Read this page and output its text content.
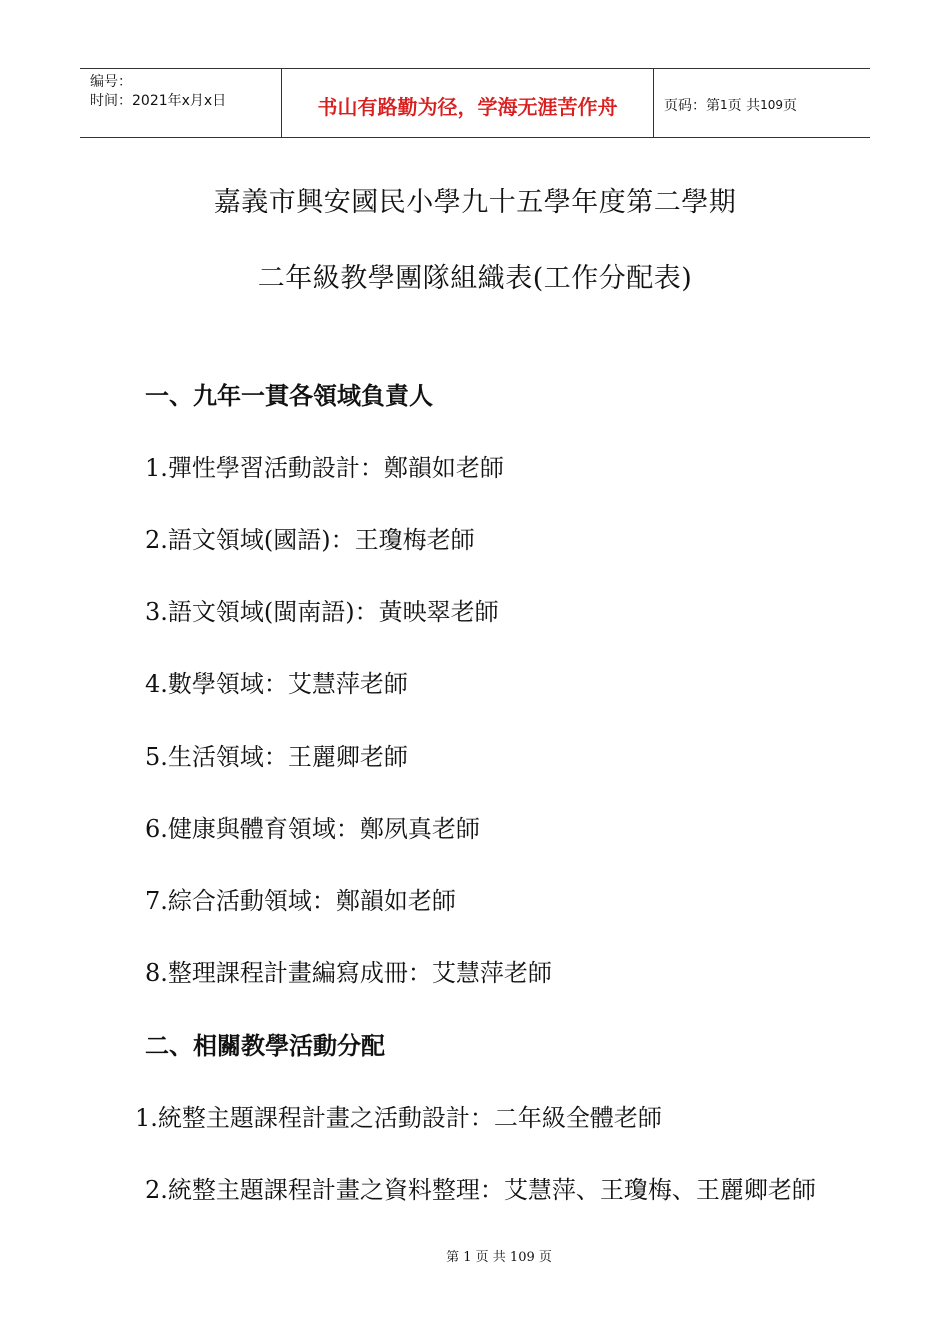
编号：
时间：2021年x月x日	书山有路勤为径，学海无涯苦作舟	页码：第 1 页 共 109 页
嘉義市興安國民小學九十五學年度第二學期
二年級教學團隊組織表(工作分配表)
一、九年一貫各領域負責人
1.彈性學習活動設計：鄭韻如老師
2.語文領域(國語)：王瓊梅老師
3.語文領域(閩南語)：黃映翠老師
4.數學領域：艾慧萍老師
5.生活領域：王麗卿老師
6.健康與體育領域：鄭夙真老師
7.綜合活動領域：鄭韻如老師
8.整理課程計畫編寫成冊：艾慧萍老師
二、相關教學活動分配
1.統整主題課程計畫之活動設計：二年級全體老師
2.統整主題課程計畫之資料整理：艾慧萍、王瓊梅、王麗卿老師
第 1 页 共 109 页
